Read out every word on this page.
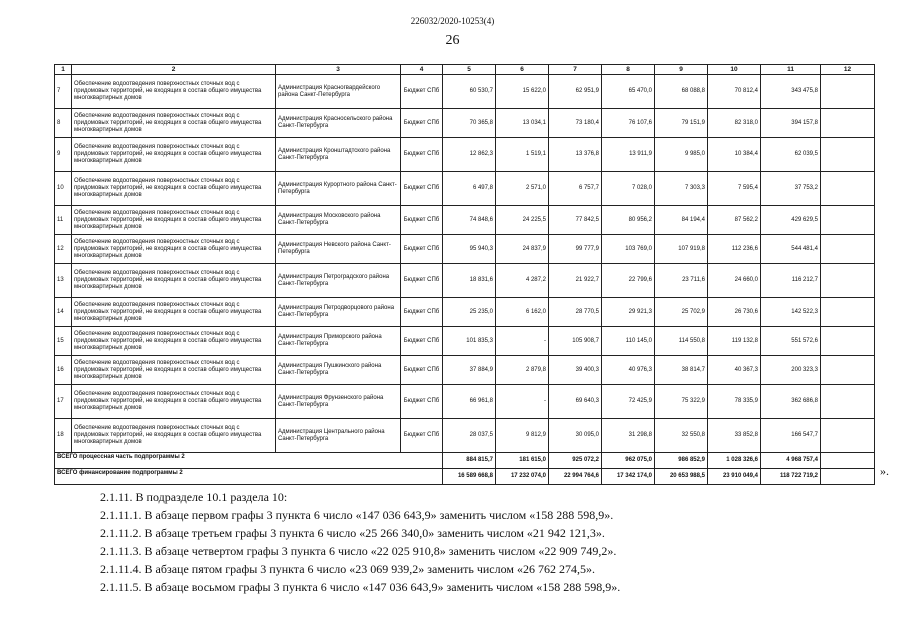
226032/2020-10253(4)
26
1	2	3	4	5	6	7	8	9	10	11	12
7	Обеспечение водоотведения поверхностных сточных вод с придомовых территорий, не входящих в состав общего имущества многоквартирных домов	Администрация Красногвардейского района Санкт-Петербурга	Бюджет СПб	60 530,7	15 622,0	62 951,9	65 470,0	68 088,8	70 812,4	343 475,8	
8	Обеспечение водоотведения поверхностных сточных вод с придомовых территорий, не входящих в состав общего имущества многоквартирных домов	Администрация Красносельского района Санкт-Петербурга	Бюджет СПб	70 365,8	13 034,1	73 180,4	76 107,6	79 151,9	82 318,0	394 157,8	
9	Обеспечение водоотведения поверхностных сточных вод с придомовых территорий, не входящих в состав общего имущества многоквартирных домов	Администрация Кронштадтского района Санкт-Петербурга	Бюджет СПб	12 862,3	1 519,1	13 376,8	13 911,9	9 985,0	10 384,4	62 039,5	
10	Обеспечение водоотведения поверхностных сточных вод с придомовых территорий, не входящих в состав общего имущества многоквартирных домов	Администрация Курортного района Санкт-Петербурга	Бюджет СПб	6 497,8	2 571,0	6 757,7	7 028,0	7 303,3	7 595,4	37 753,2	
11	Обеспечение водоотведения поверхностных сточных вод с придомовых территорий, не входящих в состав общего имущества многоквартирных домов	Администрация Московского района Санкт-Петербурга	Бюджет СПб	74 848,6	24 225,5	77 842,5	80 956,2	84 194,4	87 562,2	429 629,5	
12	Обеспечение водоотведения поверхностных сточных вод с придомовых территорий, не входящих в состав общего имущества многоквартирных домов	Администрация Невского района Санкт-Петербурга	Бюджет СПб	95 940,3	24 837,9	99 777,9	103 769,0	107 919,8	112 236,6	544 481,4	
13	Обеспечение водоотведения поверхностных сточных вод с придомовых территорий, не входящих в состав общего имущества многоквартирных домов	Администрация Петроградского района Санкт-Петербурга	Бюджет СПб	18 831,6	4 287,2	21 922,7	22 799,6	23 711,6	24 660,0	116 212,7	
14	Обеспечение водоотведения поверхностных сточных вод с придомовых территорий, не входящих в состав общего имущества многоквартирных домов	Администрация Петродворцового района Санкт-Петербурга	Бюджет СПб	25 235,0	6 162,0	28 770,5	29 921,3	25 702,9	26 730,6	142 522,3	
15	Обеспечение водоотведения поверхностных сточных вод с придомовых территорий, не входящих в состав общего имущества многоквартирных домов	Администрация Приморского района Санкт-Петербурга	Бюджет СПб	101 835,3	-	105 908,7	110 145,0	114 550,8	119 132,8	551 572,6	
16	Обеспечение водоотведения поверхностных сточных вод с придомовых территорий, не входящих в состав общего имущества многоквартирных домов	Администрация Пушкинского района Санкт-Петербурга	Бюджет СПб	37 884,9	2 879,8	39 400,3	40 976,3	38 814,7	40 367,3	200 323,3	
17	Обеспечение водоотведения поверхностных сточных вод с придомовых территорий, не входящих в состав общего имущества многоквартирных домов	Администрация Фрунзенского района Санкт-Петербурга	Бюджет СПб	66 961,8	-	69 640,3	72 425,9	75 322,9	78 335,9	362 686,8	
18	Обеспечение водоотведения поверхностных сточных вод с придомовых территорий, не входящих в состав общего имущества многоквартирных домов	Администрация Центрального района Санкт-Петербурга	Бюджет СПб	28 037,5	9 812,9	30 095,0	31 298,8	32 550,8	33 852,8	166 547,7	
ВСЕГО процессная часть подпрограммы 2				884 815,7	181 615,0	925 072,2	962 075,0	986 852,9	1 028 326,6	4 968 757,4	
ВСЕГО финансирование подпрограммы 2				16 589 668,8	17 232 074,0	22 994 764,6	17 342 174,0	20 653 988,5	23 910 049,4	118 722 719,2		».
2.1.11. В подразделе 10.1 раздела 10:
2.1.11.1. В абзаце первом графы 3 пункта 6 число «147 036 643,9» заменить числом «158 288 598,9».
2.1.11.2. В абзаце третьем графы 3 пункта 6 число «25 266 340,0» заменить числом «21 942 121,3».
2.1.11.3. В абзаце четвертом графы 3 пункта 6 число «22 025 910,8» заменить числом «22 909 749,2».
2.1.11.4. В абзаце пятом графы 3 пункта 6 число «23 069 939,2» заменить числом «26 762 274,5».
2.1.11.5. В абзаце восьмом графы 3 пункта 6 число «147 036 643,9» заменить числом «158 288 598,9».
